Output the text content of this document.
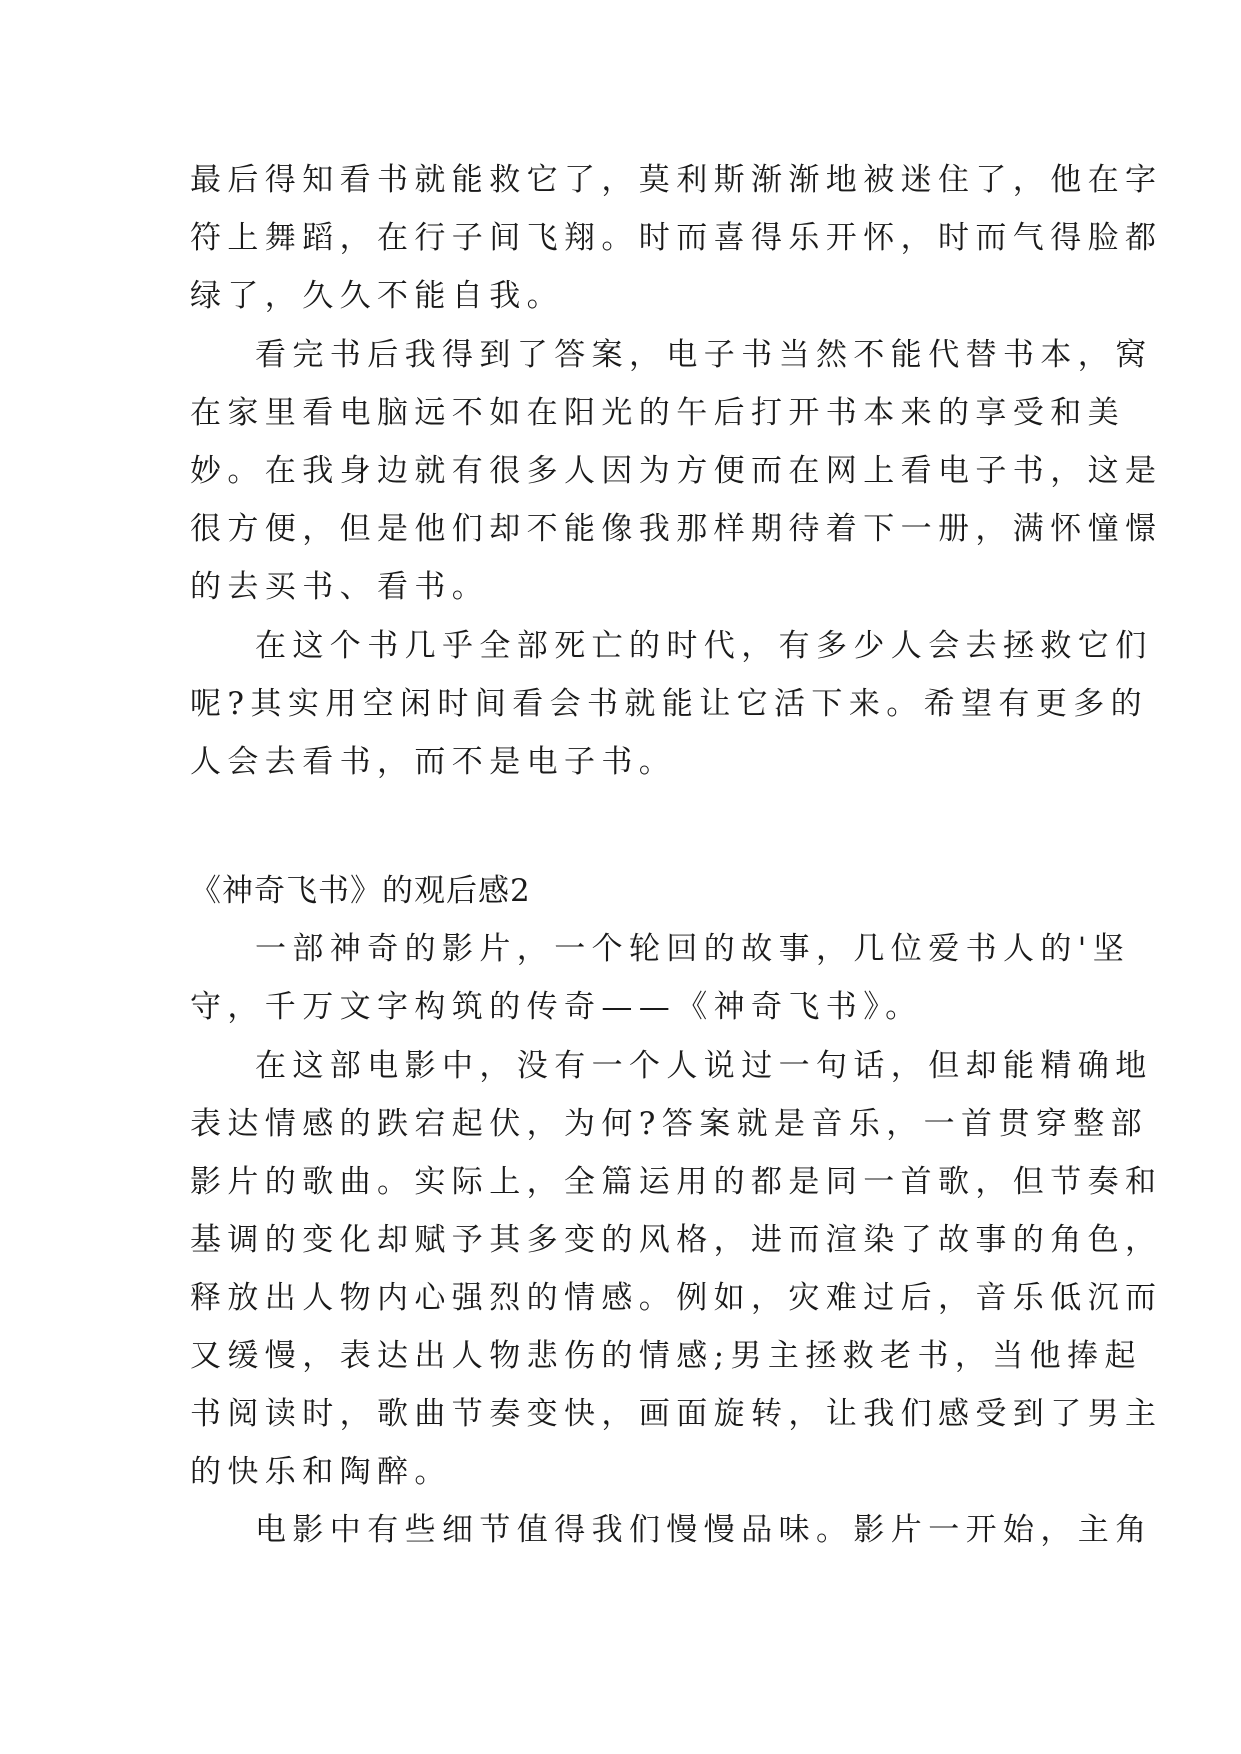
最后得知看书就能救它了，莫利斯渐渐地被迷住了，他在字
符上舞蹈，在行子间飞翔。时而喜得乐开怀，时而气得脸都
绿了，久久不能自我。
看完书后我得到了答案，电子书当然不能代替书本，窝
在家里看电脑远不如在阳光的午后打开书本来的享受和美
妙。在我身边就有很多人因为方便而在网上看电子书，这是
很方便，但是他们却不能像我那样期待着下一册，满怀憧憬
的去买书、看书。
在这个书几乎全部死亡的时代，有多少人会去拯救它们
呢?其实用空闲时间看会书就能让它活下来。希望有更多的
人会去看书，而不是电子书。
《神奇飞书》的观后感2
一部神奇的影片，一个轮回的故事，几位爱书人的'坚
守，千万文字构筑的传奇——《神奇飞书》。
在这部电影中，没有一个人说过一句话，但却能精确地
表达情感的跌宕起伏，为何?答案就是音乐，一首贯穿整部
影片的歌曲。实际上，全篇运用的都是同一首歌，但节奏和
基调的变化却赋予其多变的风格，进而渲染了故事的角色，
释放出人物内心强烈的情感。例如，灾难过后，音乐低沉而
又缓慢，表达出人物悲伤的情感;男主拯救老书，当他捧起
书阅读时，歌曲节奏变快，画面旋转，让我们感受到了男主
的快乐和陶醉。
电影中有些细节值得我们慢慢品味。影片一开始，主角
